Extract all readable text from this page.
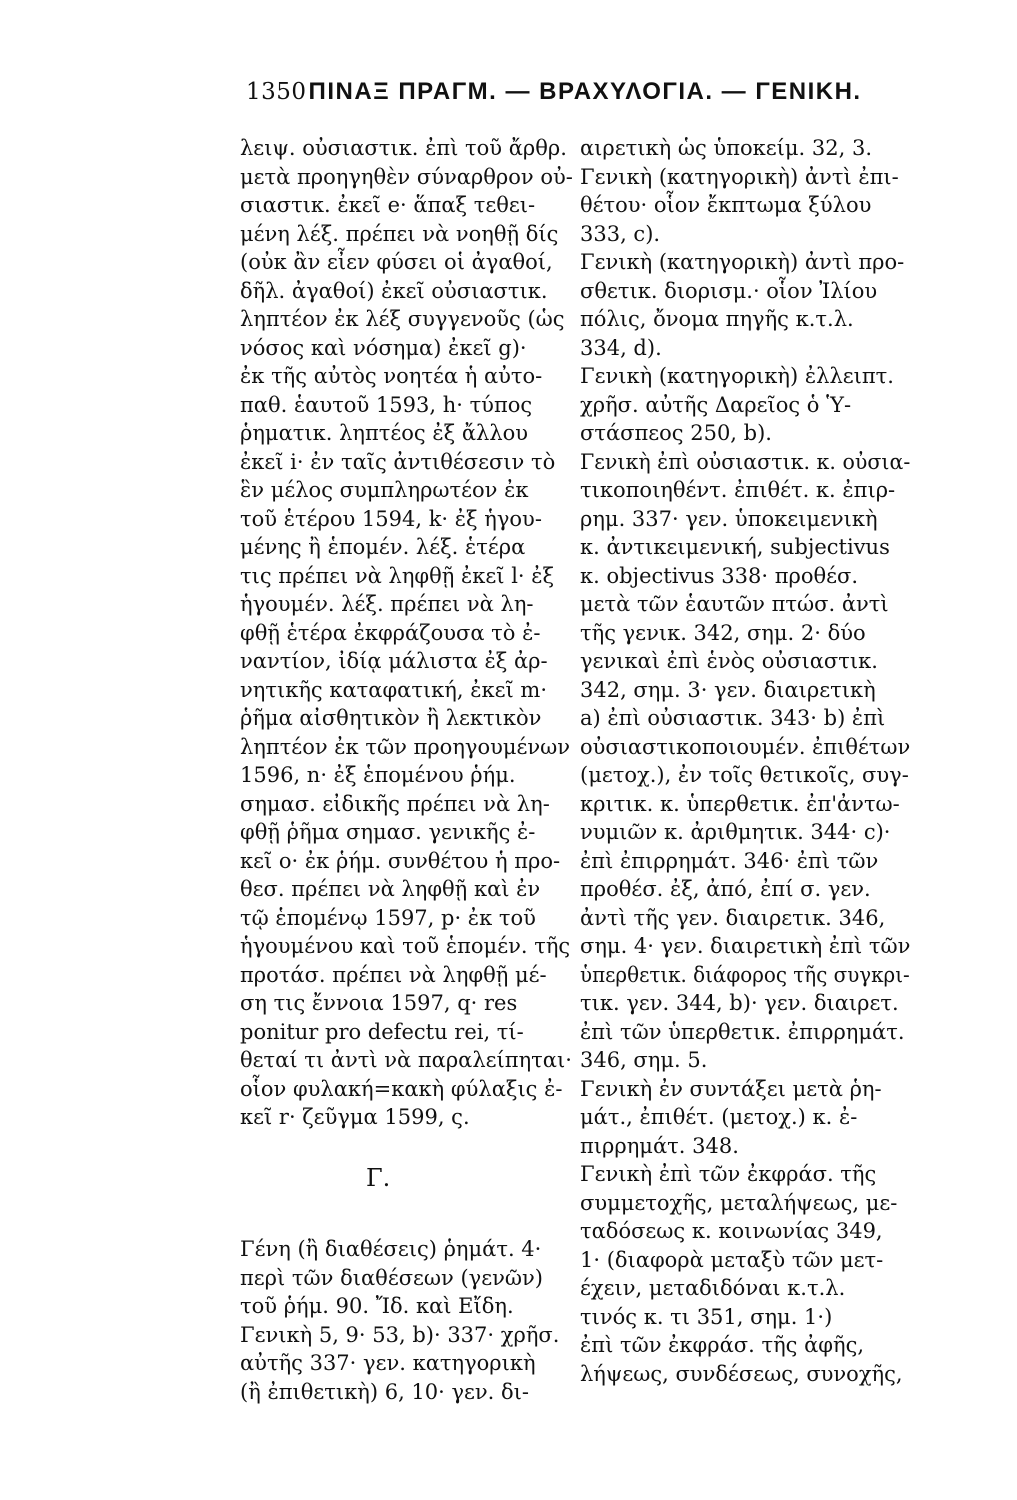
1350ΠΙΝΑΞ ΠΡΑΓΜ. — ΒΡΑΧΥΛΟΓΙΑ. — ΓΕΝΙΚΗ.
λειψ. οὐσιαστικ. ἐπὶ τοῦ ἄρθρ.
μετὰ προηγηθὲν σύναρθρον οὐ-
σιαστικ. ἐκεῖ e· ἅπαξ τεθει-
μένη λέξ. πρέπει νὰ νοηθῇ δίς
(οὐκ ἂν εἶεν φύσει οἱ ἀγαθοί,
δῆλ. ἀγαθοί) ἐκεῖ οὐσιαστικ.
ληπτέον ἐκ λέξ συγγενοῦς (ὡς
νόσος καὶ νόσημα) ἐκεῖ g)·
ἐκ τῆς αὐτὸς νοητέα ἡ αὐτο-
παθ. ἑαυτοῦ 1593, h· τύπος
ῥηματικ. ληπτέος ἐξ ἄλλου
ἐκεῖ i· ἐν ταῖς ἀντιθέσεσιν τὸ
ἓν μέλος συμπληρωτέον ἐκ
τοῦ ἑτέρου 1594, k· ἐξ ἡγου-
μένης ἢ ἑπομέν. λέξ. ἑτέρα
τις πρέπει νὰ ληφθῇ ἐκεῖ l· ἐξ
ἡγουμέν. λέξ. πρέπει νὰ λη-
φθῇ ἑτέρα ἐκφράζουσα τὸ ἐ-
ναντίον, ἰδίᾳ μάλιστα ἐξ ἀρ-
νητικῆς καταφατική, ἐκεῖ m·
ῥῆμα αἰσθητικὸν ἢ λεκτικὸν
ληπτέον ἐκ τῶν προηγουμένων
1596, n· ἐξ ἑπομένου ῥήμ.
σημασ. εἰδικῆς πρέπει νὰ λη-
φθῇ ῥῆμα σημασ. γενικῆς ἐ-
κεῖ o· ἐκ ῥήμ. συνθέτου ἡ προ-
θεσ. πρέπει νὰ ληφθῇ καὶ ἐν
τῷ ἑπομένῳ 1597, p· ἐκ τοῦ
ἡγουμένου καὶ τοῦ ἑπομέν. τῆς
προτάσ. πρέπει νὰ ληφθῇ μέ-
ση τις ἔννοια 1597, q· res
ponitur pro defectu rei, τί-
θεταί τι ἀντὶ νὰ παραλείπηται·
οἷον φυλακή=κακὴ φύλαξις ἐ-
κεῖ r· ζεῦγμα 1599, ς.
Γ.
Γένη (ἢ διαθέσεις) ῥημάτ. 4·
περὶ τῶν διαθέσεων (γενῶν)
τοῦ ῥήμ. 90. Ἴδ. καὶ Εἴδη.
Γενικὴ 5, 9· 53, b)· 337· χρῆσ.
αὐτῆς 337· γεν. κατηγορικὴ
(ἢ ἐπιθετικὴ) 6, 10· γεν. δι-
αιρετικὴ ὡς ὑποκείμ. 32, 3.
Γενικὴ (κατηγορικὴ) ἀντὶ ἐπι-
θέτου· οἷον ἔκπτωμα ξύλου
333, c).
Γενικὴ (κατηγορικὴ) ἀντὶ προ-
σθετικ. διορισμ.· οἷον Ἰλίου
πόλις, ὄνομα πηγῆς κ.τ.λ.
334, d).
Γενικὴ (κατηγορικὴ) ἐλλειπτ.
χρῆσ. αὐτῆς Δαρεῖος ὁ Ὑ-
στάσπεος 250, b).
Γενικὴ ἐπὶ οὐσιαστικ. κ. οὐσια-
τικοποιηθέντ. ἐπιθέτ. κ. ἐπιρ-
ρημ. 337· γεν. ὑποκειμενικὴ
κ. ἀντικειμενική, subjectivus
κ. objectivus 338· προθέσ.
μετὰ τῶν ἑαυτῶν πτώσ. ἀντὶ
τῆς γενικ. 342, σημ. 2· δύο
γενικαὶ ἐπὶ ἑνὸς οὐσιαστικ.
342, σημ. 3· γεν. διαιρετικὴ
a) ἐπὶ οὐσιαστικ. 343· b) ἐπὶ
οὐσιαστικοποιουμέν. ἐπιθέτων
(μετοχ.), ἐν τοῖς θετικοῖς, συγ-
κριτικ. κ. ὑπερθετικ. ἐπ'ἀντω-
νυμιῶν κ. ἀριθμητικ. 344· c)·
ἐπὶ ἐπιρρημάτ. 346· ἐπὶ τῶν
προθέσ. ἐξ, ἀπό, ἐπί σ. γεν.
ἀντὶ τῆς γεν. διαιρετικ. 346,
σημ. 4· γεν. διαιρετικὴ ἐπὶ τῶν
ὑπερθετικ. διάφορος τῆς συγκρι-
τικ. γεν. 344, b)· γεν. διαιρετ.
ἐπὶ τῶν ὑπερθετικ. ἐπιρρημάτ.
346, σημ. 5.
Γενικὴ ἐν συντάξει μετὰ ῥη-
μάτ., ἐπιθέτ. (μετοχ.) κ. ἐ-
πιρρημάτ. 348.
Γενικὴ ἐπὶ τῶν ἐκφράσ. τῆς
συμμετοχῆς, μεταλήψεως, με-
ταδόσεως κ. κοινωνίας 349,
1· (διαφορὰ μεταξὺ τῶν μετ-
έχειν, μεταδιδόναι κ.τ.λ.
τινός κ. τι 351, σημ. 1·)
ἐπὶ τῶν ἐκφράσ. τῆς ἀφῆς,
λήψεως, συνδέσεως, συνοχῆς,
